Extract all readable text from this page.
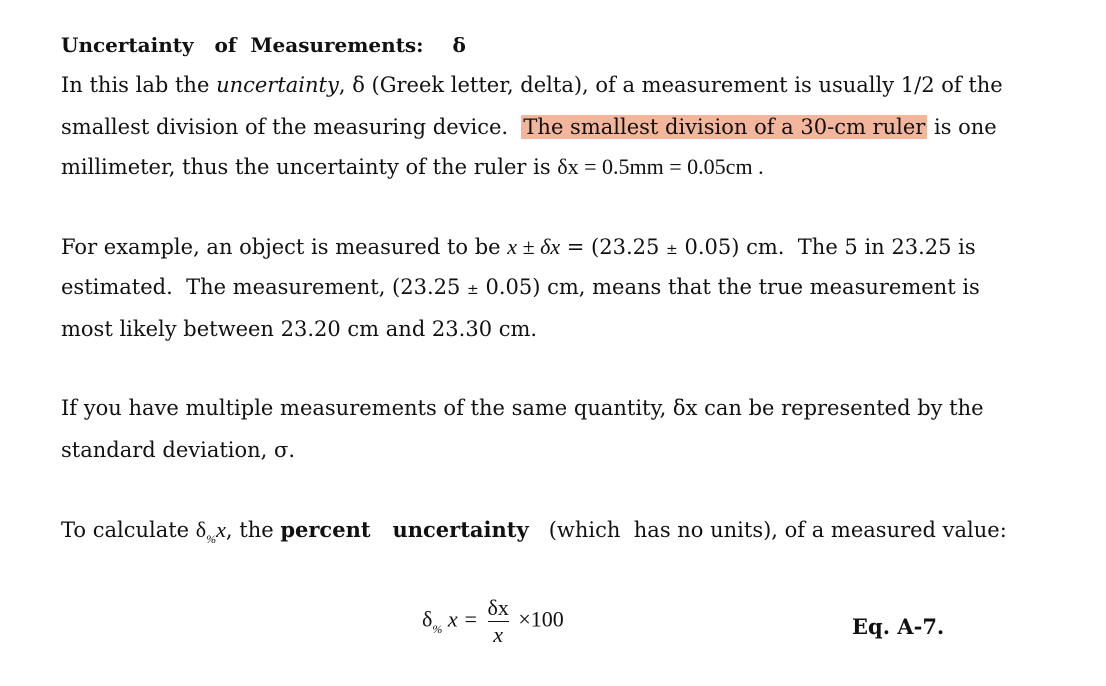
Uncertainty   of  Measurements: δ
In this lab the uncertainty, δ (Greek letter, delta), of a measurement is usually 1/2 of the
smallest division of the measuring device.  The smallest division of a 30-cm ruler is one
millimeter, thus the uncertainty of the ruler is δx = 0.5mm = 0.05cm .
For example, an object is measured to be x ± δx = (23.25 ± 0.05) cm.  The 5 in 23.25 is
estimated.  The measurement, (23.25 ± 0.05) cm, means that the true measurement is
most likely between 23.20 cm and 23.30 cm.
If you have multiple measurements of the same quantity, δx can be represented by the
standard deviation, σ.
To calculate $\delta_{\%}x$, the percent   uncertainty   (which  has no units), of a measured value:
$\delta_{\%}$ $x = \frac{\delta x}{x} \times 100$	Eq. A-7.
